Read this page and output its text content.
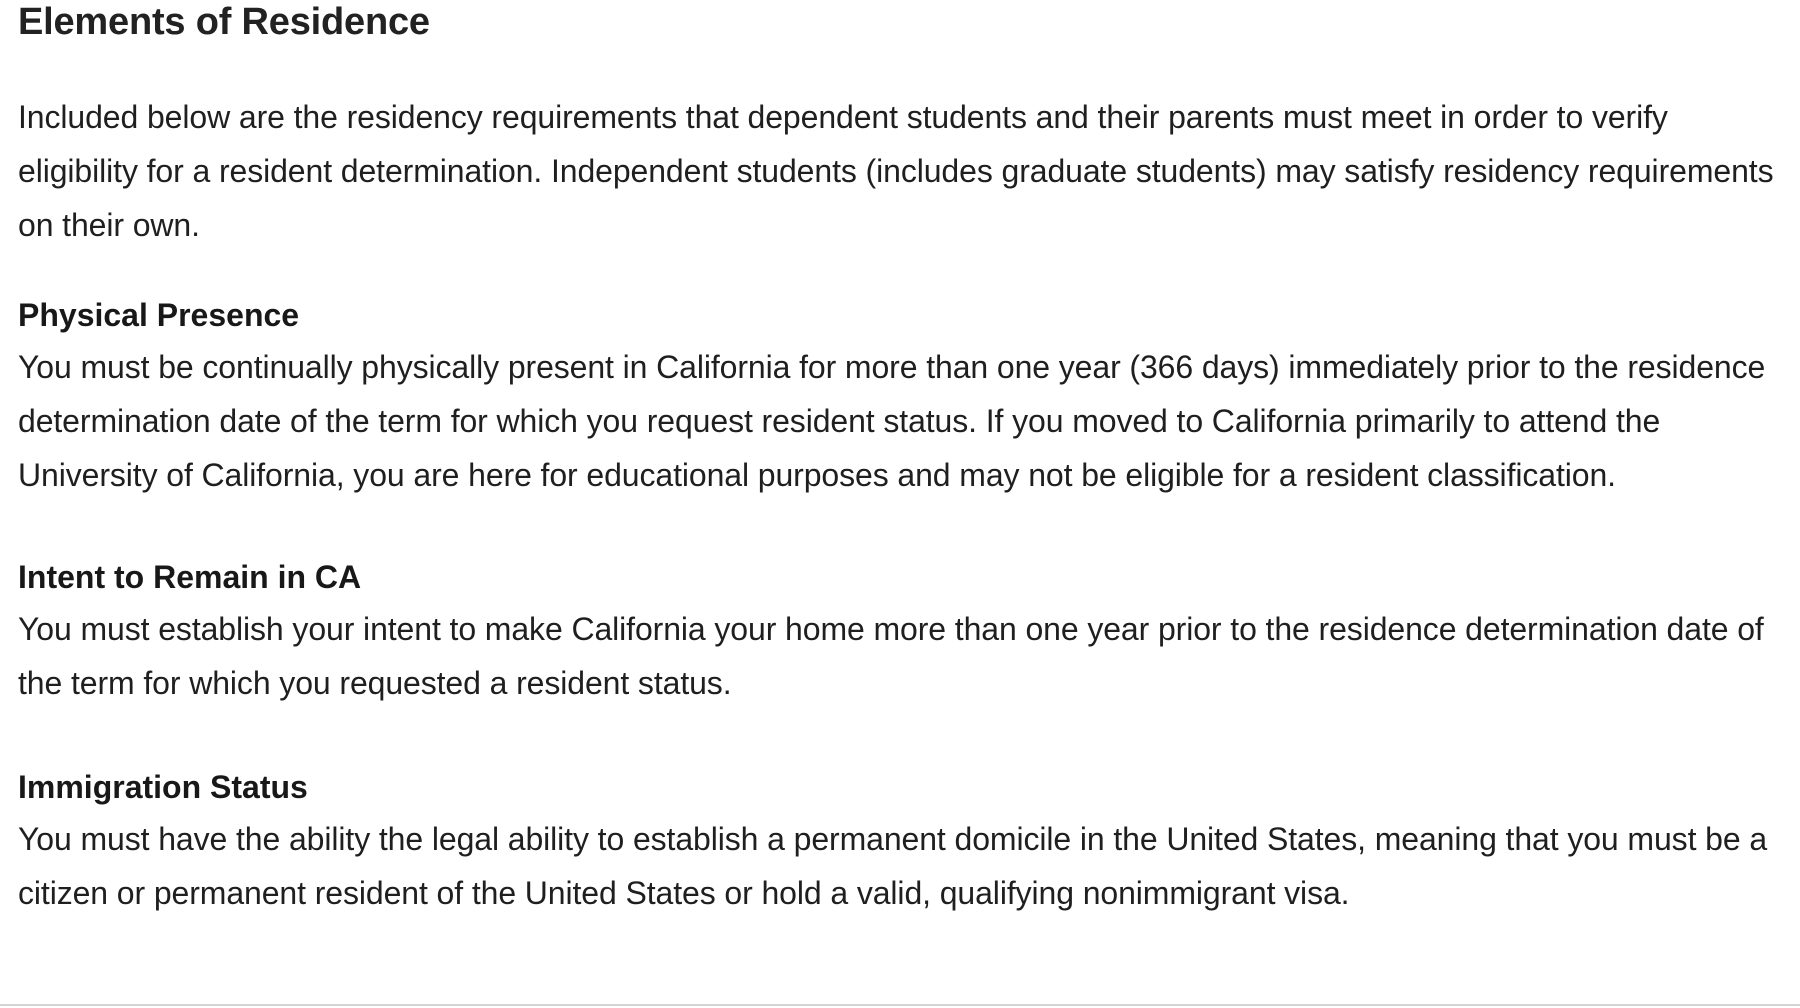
Elements of Residence

Included below are the residency requirements that dependent students and their parents must meet in order to verify eligibility for a resident determination. Independent students (includes graduate students) may satisfy residency requirements on their own.

Physical Presence

You must be continually physically present in California for more than one year (366 days) immediately prior to the residence determination date of the term for which you request resident status. If you moved to California primarily to attend the University of California, you are here for educational purposes and may not be eligible for a resident classification.

Intent to Remain in CA

You must establish your intent to make California your home more than one year prior to the residence determination date of the term for which you requested a resident status.

Immigration Status

You must have the ability the legal ability to establish a permanent domicile in the United States, meaning that you must be a citizen or permanent resident of the United States or hold a valid, qualifying nonimmigrant visa.
